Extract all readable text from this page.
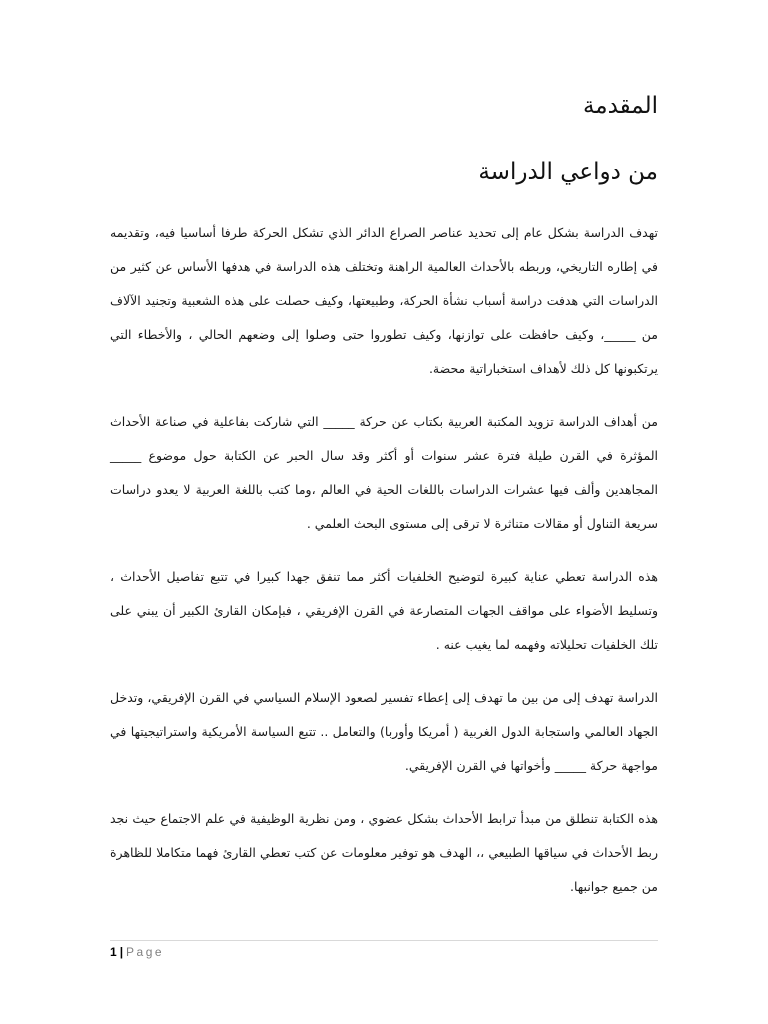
المقدمة
من دواعي الدراسة

تهدف الدراسة بشكل عام إلى تحديد عناصر الصراع الدائر الذي تشكل الحركة طرفا أساسيا فيه، وتقديمه في إطاره التاريخي، وربطه بالأحداث العالمية الراهنة وتختلف هذه الدراسة في هدفها الأساس عن كثير من الدراسات التي هدفت دراسة أسباب نشأة الحركة، وطبيعتها، وكيف حصلت على هذه الشعبية وتجنيد الآلاف من _____، وكيف حافظت على توازنها، وكيف تطوروا حتى وصلوا إلى وضعهم الحالي ، والأخطاء التي يرتكبونها كل ذلك لأهداف استخباراتية محضة.

من أهداف الدراسة تزويد المكتبة العربية بكتاب عن حركة _____ التي شاركت بفاعلية في صناعة الأحداث المؤثرة في القرن طيلة فترة عشر سنوات أو أكثر وقد سال الحبر عن الكتابة حول موضوع _____ المجاهدين وألف فيها عشرات الدراسات باللغات الحية في العالم ،وما كتب باللغة العربية لا يعدو دراسات سريعة التناول أو مقالات متناثرة لا ترقى إلى مستوى البحث العلمي .

هذه الدراسة تعطي عناية كبيرة لتوضيح الخلفيات أكثر مما تنفق جهدا كبيرا في تتبع تفاصيل الأحداث ، وتسليط الأضواء على مواقف الجهات المتصارعة في القرن الإفريقي ، فبإمكان القارئ الكبير أن يبني على تلك الخلفيات تحليلاته وفهمه لما يغيب عنه .

الدراسة تهدف إلى من بين ما تهدف إلى إعطاء تفسير لصعود الإسلام السياسي في القرن الإفريقي، وتدخل الجهاد العالمي واستجابة الدول الغربية ( أمريكا وأوربا) والتعامل .. تتبع السياسة الأمريكية واستراتيجيتها في مواجهة حركة _____ وأخواتها في القرن الإفريقي.

هذه الكتابة تنطلق من مبدأ ترابط الأحداث بشكل عضوي ، ومن نظرية الوظيفية في علم الاجتماع حيث نجد ربط الأحداث في سياقها الطبيعي ،، الهدف هو توفير معلومات عن كتب تعطي القارئ فهما متكاملا للظاهرة من جميع جوانبها.

1 | Page
